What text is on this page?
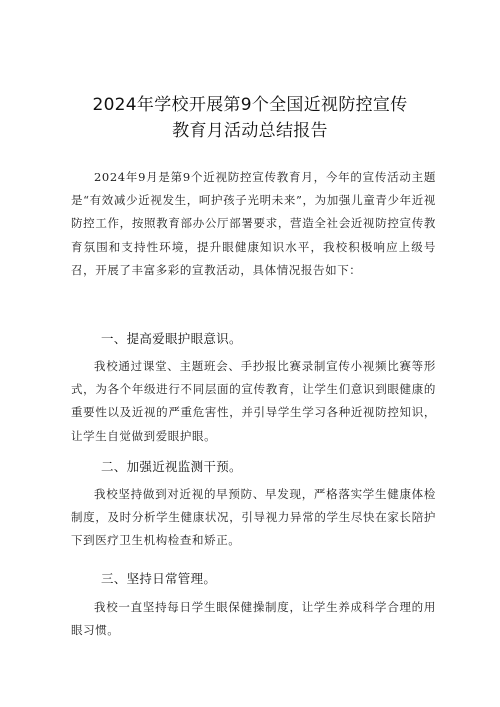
2024年学校开展第9个全国近视防控宣传
教育月活动总结报告
2024年9月是第9个近视防控宣传教育月，今年的宣传活动主题是“有效减少近视发生，呵护孩子光明未来”，为加强儿童青少年近视防控工作，按照教育部办公厅部署要求，营造全社会近视防控宣传教育氛围和支持性环境，提升眼健康知识水平，我校积极响应上级号召，开展了丰富多彩的宣教活动，具体情况报告如下：
一、提高爱眼护眼意识。
我校通过课堂、主题班会、手抄报比赛录制宣传小视频比赛等形式，为各个年级进行不同层面的宣传教育，让学生们意识到眼健康的重要性以及近视的严重危害性，并引导学生学习各种近视防控知识，让学生自觉做到爱眼护眼。
二、加强近视监测干预。
我校坚持做到对近视的早预防、早发现，严格落实学生健康体检制度，及时分析学生健康状况，引导视力异常的学生尽快在家长陪护下到医疗卫生机构检查和矫正。
三、坚持日常管理。
我校一直坚持每日学生眼保健操制度，让学生养成科学合理的用眼习惯。
